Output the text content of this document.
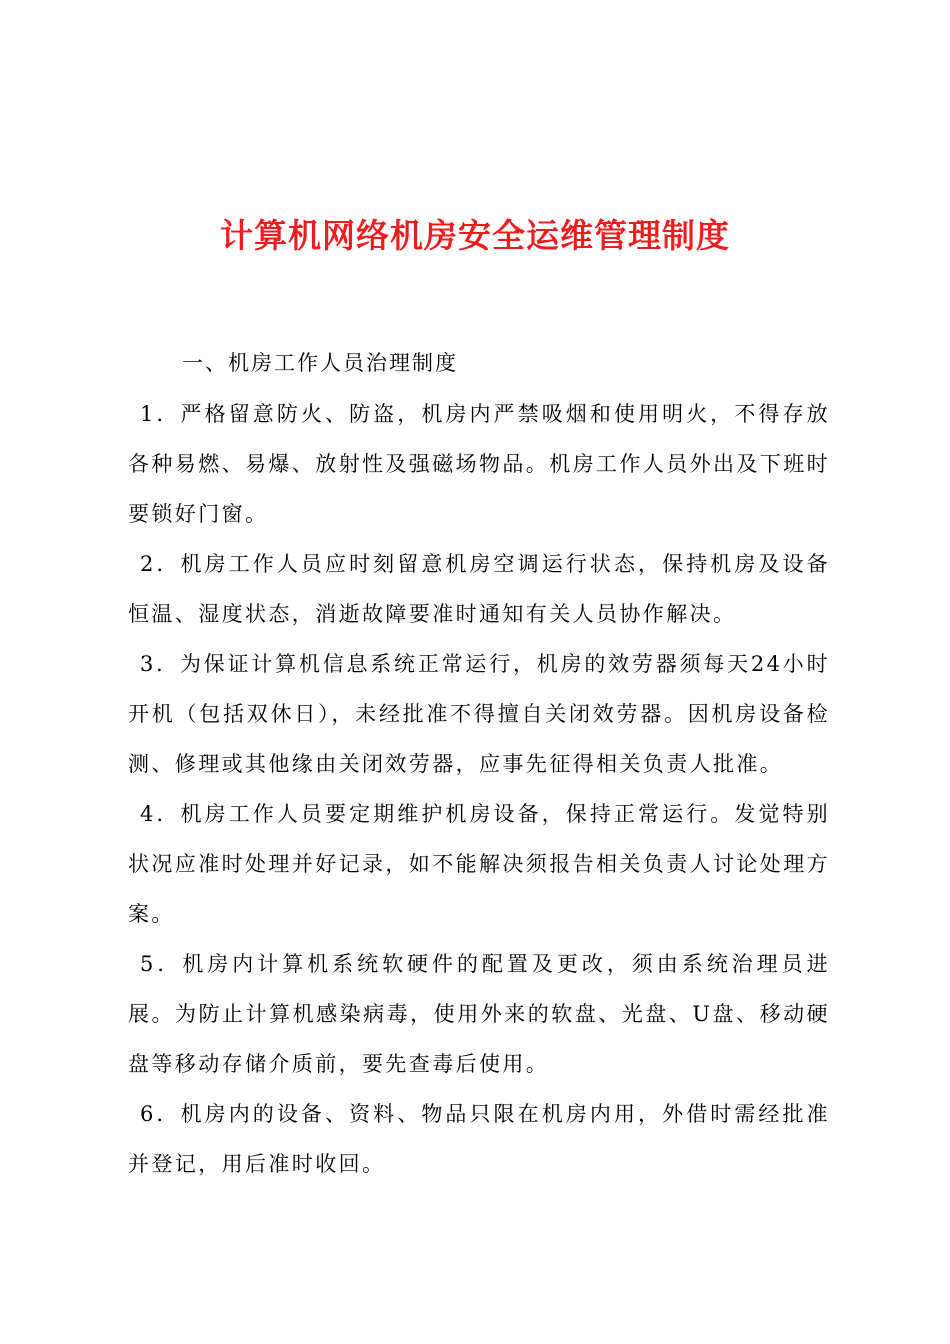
计算机网络机房安全运维管理制度

一、机房工作人员治理制度

1．严格留意防火、防盗，机房内严禁吸烟和使用明火，不得存放各种易燃、易爆、放射性及强磁场物品。机房工作人员外出及下班时要锁好门窗。

2．机房工作人员应时刻留意机房空调运行状态，保持机房及设备恒温、湿度状态，消逝故障要准时通知有关人员协作解决。

3．为保证计算机信息系统正常运行，机房的效劳器须每天24小时开机（包括双休日），未经批准不得擅自关闭效劳器。因机房设备检测、修理或其他缘由关闭效劳器，应事先征得相关负责人批准。

4．机房工作人员要定期维护机房设备，保持正常运行。发觉特别状况应准时处理并好记录，如不能解决须报告相关负责人讨论处理方案。

5．机房内计算机系统软硬件的配置及更改，须由系统治理员进展。为防止计算机感染病毒，使用外来的软盘、光盘、U盘、移动硬盘等移动存储介质前，要先查毒后使用。

6．机房内的设备、资料、物品只限在机房内用，外借时需经批准并登记，用后准时收回。
